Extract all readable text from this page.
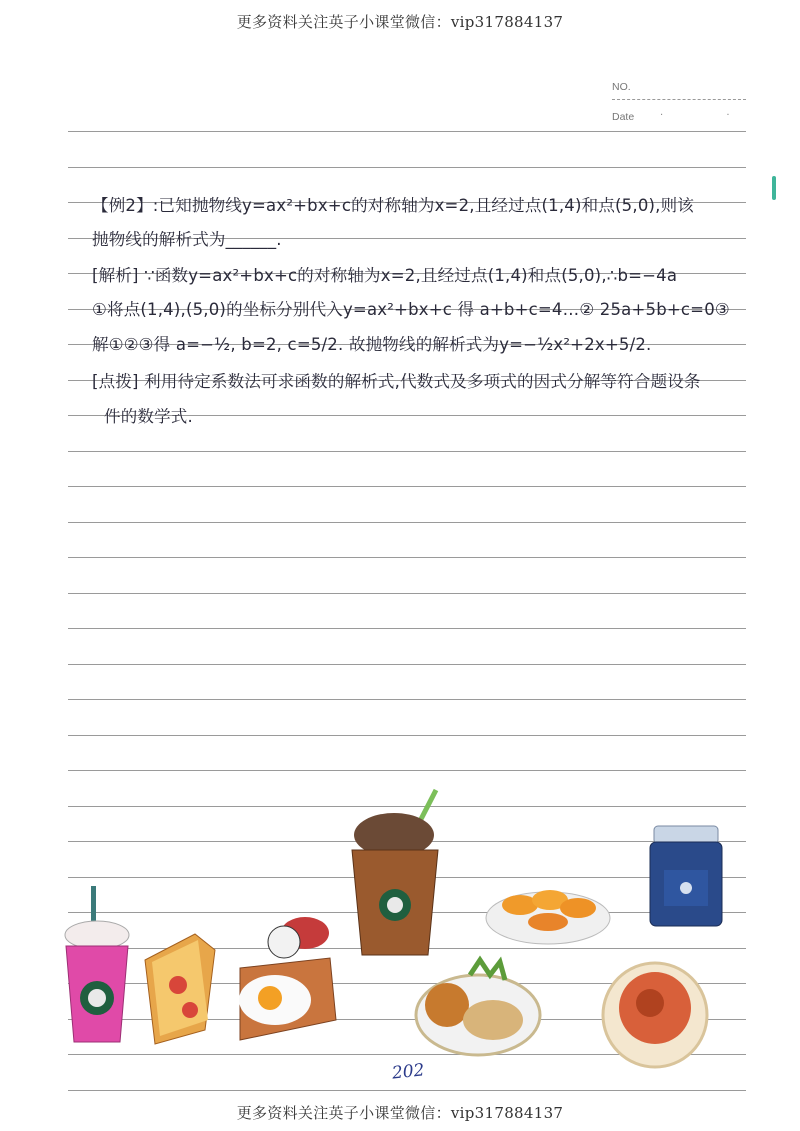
更多资料关注英子小课堂微信：vip317884137
NO.
Date	· ·
【例2】:已知抛物线y=ax²+bx+c的对称轴为x=2,且经过点(1,4)和点(5,0),则该
抛物线的解析式为______.
[解析] ∵函数y=ax²+bx+c的对称轴为x=2,且经过点(1,4)和点(5,0),∴b=−4a
①将点(1,4),(5,0)的坐标分别代入y=ax²+bx+c 得 a+b+c=4…② 25a+5b+c=0③
解①②③得 a=−½, b=2, c=5/2. 故抛物线的解析式为y=−½x²+2x+5/2.
[点拨] 利用待定系数法可求函数的解析式,代数式及多项式的因式分解等符合题设条
件的数学式.
202
更多资料关注英子小课堂微信：vip317884137
